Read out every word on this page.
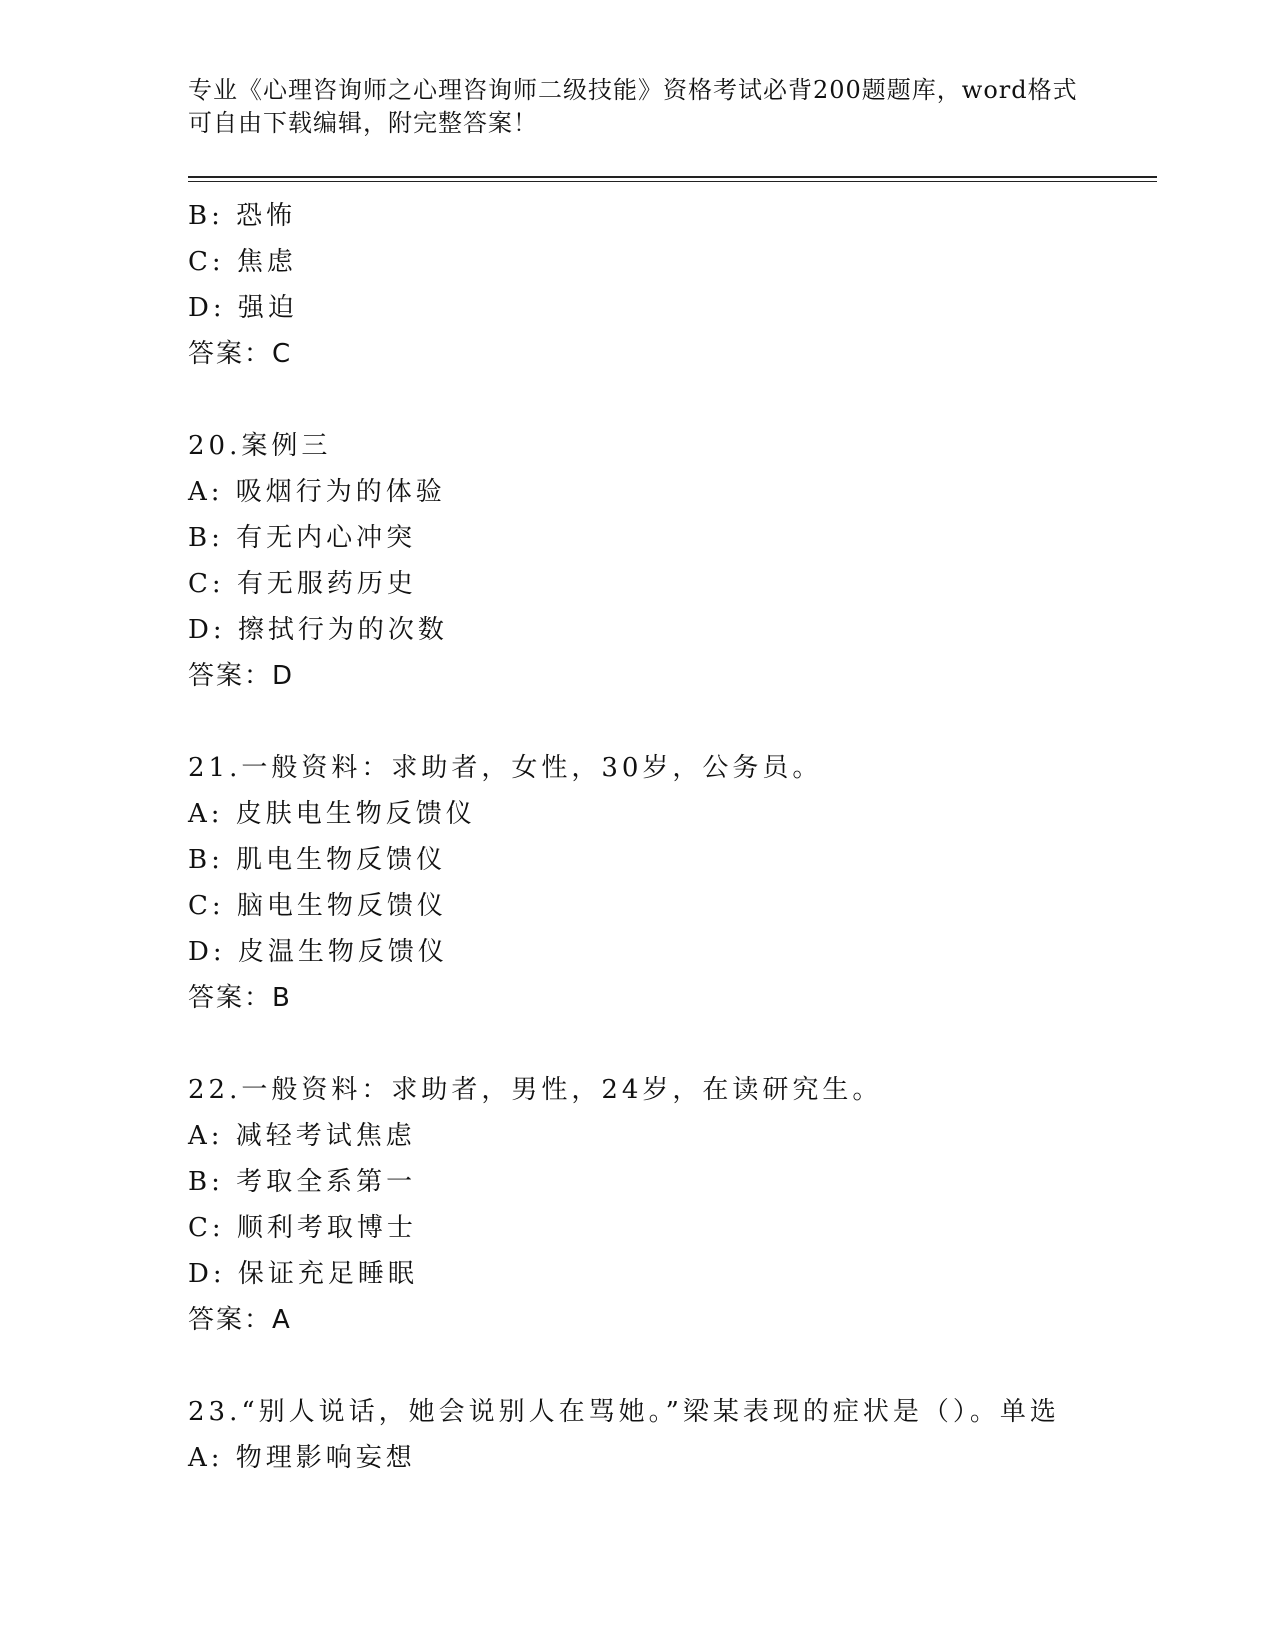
专业《心理咨询师之心理咨询师二级技能》资格考试必背200题题库，word格式
可自由下载编辑，附完整答案！
B: 恐怖
C: 焦虑
D: 强迫
答案：C
20.案例三
A: 吸烟行为的体验
B: 有无内心冲突
C: 有无服药历史
D: 擦拭行为的次数
答案：D
21.一般资料：求助者，女性，30岁，公务员。
A: 皮肤电生物反馈仪
B: 肌电生物反馈仪
C: 脑电生物反馈仪
D: 皮温生物反馈仪
答案：B
22.一般资料：求助者，男性，24岁，在读研究生。
A: 减轻考试焦虑
B: 考取全系第一
C: 顺利考取博士
D: 保证充足睡眠
答案：A
23.“别人说话，她会说别人在骂她。”梁某表现的症状是（）。单选
A: 物理影响妄想
